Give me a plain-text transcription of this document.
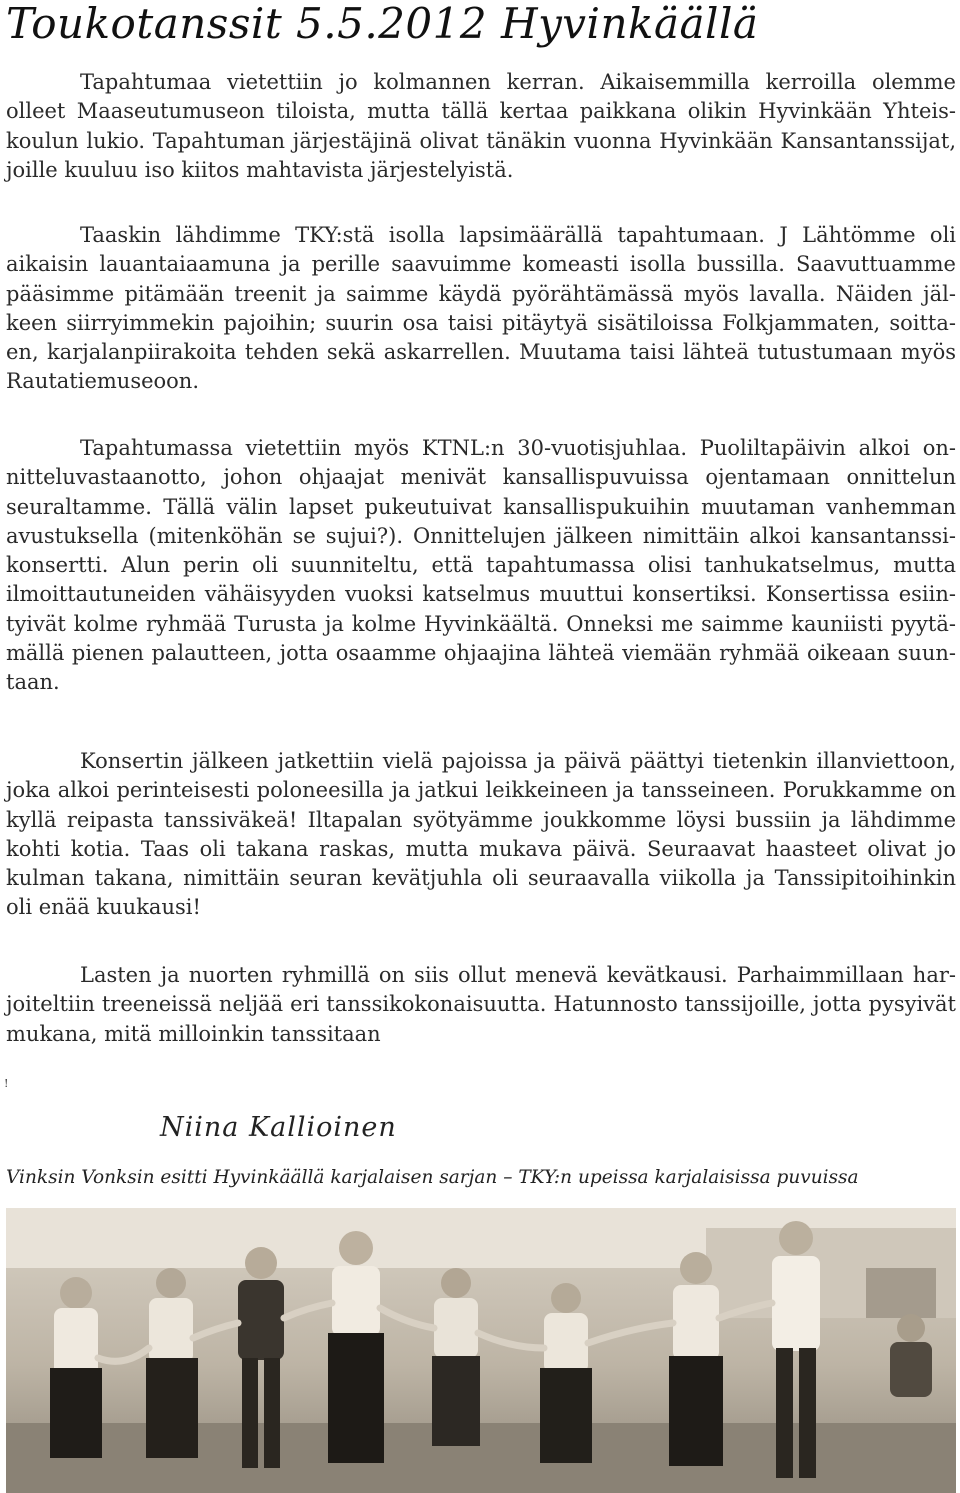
Toukotanssit 5.5.2012 Hyvinkäällä

Tapahtumaa vietettiin jo kolmannen kerran. Aikaisemmilla kerroilla olemme olleet Maaseutumuseon tiloista, mutta tällä kertaa paikkana olikin Hyvinkään Yhteiskoulun lukio. Tapahtuman järjestäjinä olivat tänäkin vuonna Hyvinkään Kansantanssijat, joille kuuluu iso kiitos mahtavista järjestelyistä.

Taaskin lähdimme TKY:stä isolla lapsimäärällä tapahtumaan. J Lähtömme oli aikaisin lauantaiaamuna ja perille saavuimme komeasti isolla bussilla. Saavuttuamme pääsimme pitämään treenit ja saimme käydä pyörähtämässä myös lavalla. Näiden jälkeen siirryimmekin pajoihin; suurin osa taisi pitäytyä sisätiloissa Folkjammaten, soittaen, karjalanpiirakoita tehden sekä askarrellen. Muutama taisi lähteä tutustumaan myös Rautatiemuseoon.

Tapahtumassa vietettiin myös KTNL:n 30-vuotisjuhlaa. Puoliltapäivin alkoi onnitteluvastaanotto, johon ohjaajat menivät kansallispuvuissa ojentamaan onnittelun seuraltamme. Tällä välin lapset pukeutuivat kansallispukuihin muutaman vanhemman avustuksella (mitenköhän se sujui?). Onnittelujen jälkeen nimittäin alkoi kansantanssikonsertti. Alun perin oli suunniteltu, että tapahtumassa olisi tanhukatselmus, mutta ilmoittautuneiden vähäisyyden vuoksi katselmus muuttui konsertiksi. Konsertissa esiintyivät kolme ryhmää Turusta ja kolme Hyvinkäältä. Onneksi me saimme kauniisti pyytämällä pienen palautteen, jotta osaamme ohjaajina lähteä viemään ryhmää oikeaan suuntaan.

Konsertin jälkeen jatkettiin vielä pajoissa ja päivä päättyi tietenkin illanviettoon, joka alkoi perinteisesti poloneesilla ja jatkui leikkeineen ja tansseineen. Porukkamme on kyllä reipasta tanssiväkeä! Iltapalan syötyämme joukkomme löysi bussiin ja lähdimme kohti kotia. Taas oli takana raskas, mutta mukava päivä. Seuraavat haasteet olivat jo kulman takana, nimittäin seuran kevätjuhla oli seuraavalla viikolla ja Tanssipitoihinkin oli enää kuukausi!

Lasten ja nuorten ryhmillä on siis ollut menevä kevätkausi. Parhaimmillaan harjoiteltiin treeneissä neljää eri tanssikokonaisuutta. Hatunnosto tanssijoille, jotta pysyivät mukana, mitä milloinkin tanssitaan

!

Niina Kallioinen

Vinksin Vonksin esitti Hyvinkäällä karjalaisen sarjan – TKY:n upeissa karjalaisissa puvuissa
